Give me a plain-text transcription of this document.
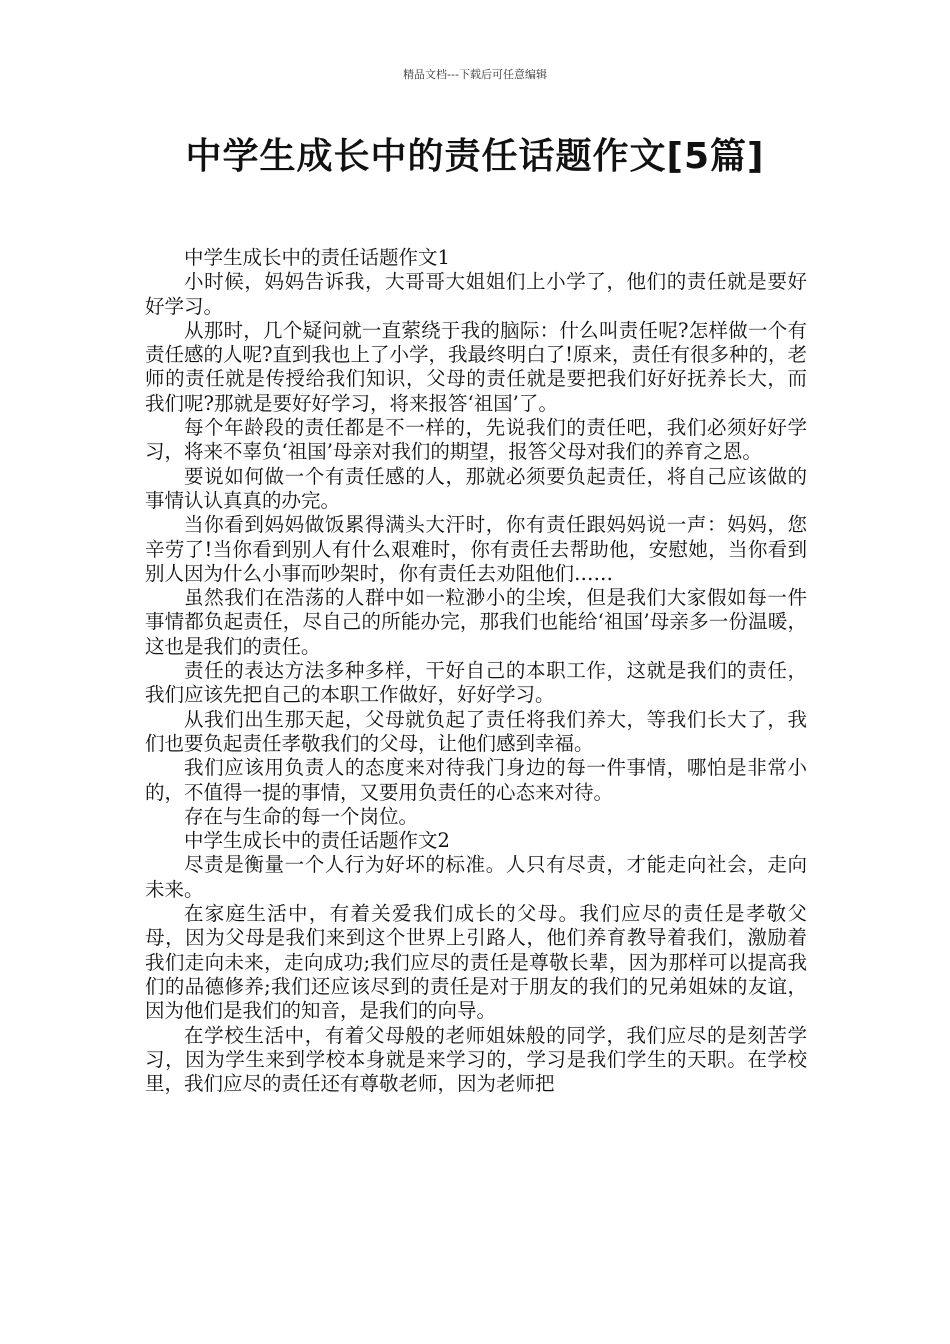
精品文档---下载后可任意编辑
中学生成长中的责任话题作文[5篇]

中学生成长中的责任话题作文1

小时候，妈妈告诉我，大哥哥大姐姐们上小学了，他们的责任就是要好好学习。

从那时，几个疑问就一直萦绕于我的脑际：什么叫责任呢?怎样做一个有责任感的人呢?直到我也上了小学，我最终明白了!原来，责任有很多种的，老师的责任就是传授给我们知识，父母的责任就是要把我们好好抚养长大，而我们呢?那就是要好好学习，将来报答‘祖国’了。

每个年龄段的责任都是不一样的，先说我们的责任吧，我们必须好好学习，将来不辜负‘祖国’母亲对我们的期望，报答父母对我们的养育之恩。

要说如何做一个有责任感的人，那就必须要负起责任，将自己应该做的事情认认真真的办完。

当你看到妈妈做饭累得满头大汗时，你有责任跟妈妈说一声：妈妈，您辛劳了!当你看到别人有什么艰难时，你有责任去帮助他，安慰她，当你看到别人因为什么小事而吵架时，你有责任去劝阻他们……

虽然我们在浩荡的人群中如一粒渺小的尘埃，但是我们大家假如每一件事情都负起责任，尽自己的所能办完，那我们也能给‘祖国’母亲多一份温暖，这也是我们的责任。

责任的表达方法多种多样，干好自己的本职工作，这就是我们的责任，我们应该先把自己的本职工作做好，好好学习。

从我们出生那天起，父母就负起了责任将我们养大，等我们长大了，我们也要负起责任孝敬我们的父母，让他们感到幸福。

我们应该用负责人的态度来对待我门身边的每一件事情，哪怕是非常小的，不值得一提的事情，又要用负责任的心态来对待。

存在与生命的每一个岗位。

中学生成长中的责任话题作文2

尽责是衡量一个人行为好坏的标准。人只有尽责，才能走向社会，走向未来。

在家庭生活中，有着关爱我们成长的父母。我们应尽的责任是孝敬父母，因为父母是我们来到这个世界上引路人，他们养育教导着我们，激励着我们走向未来，走向成功;我们应尽的责任是尊敬长辈，因为那样可以提高我们的品德修养;我们还应该尽到的责任是对于朋友的我们的兄弟姐妹的友谊，因为他们是我们的知音，是我们的向导。

在学校生活中，有着父母般的老师姐妹般的同学，我们应尽的是刻苦学习，因为学生来到学校本身就是来学习的，学习是我们学生的天职。在学校里，我们应尽的责任还有尊敬老师，因为老师把
